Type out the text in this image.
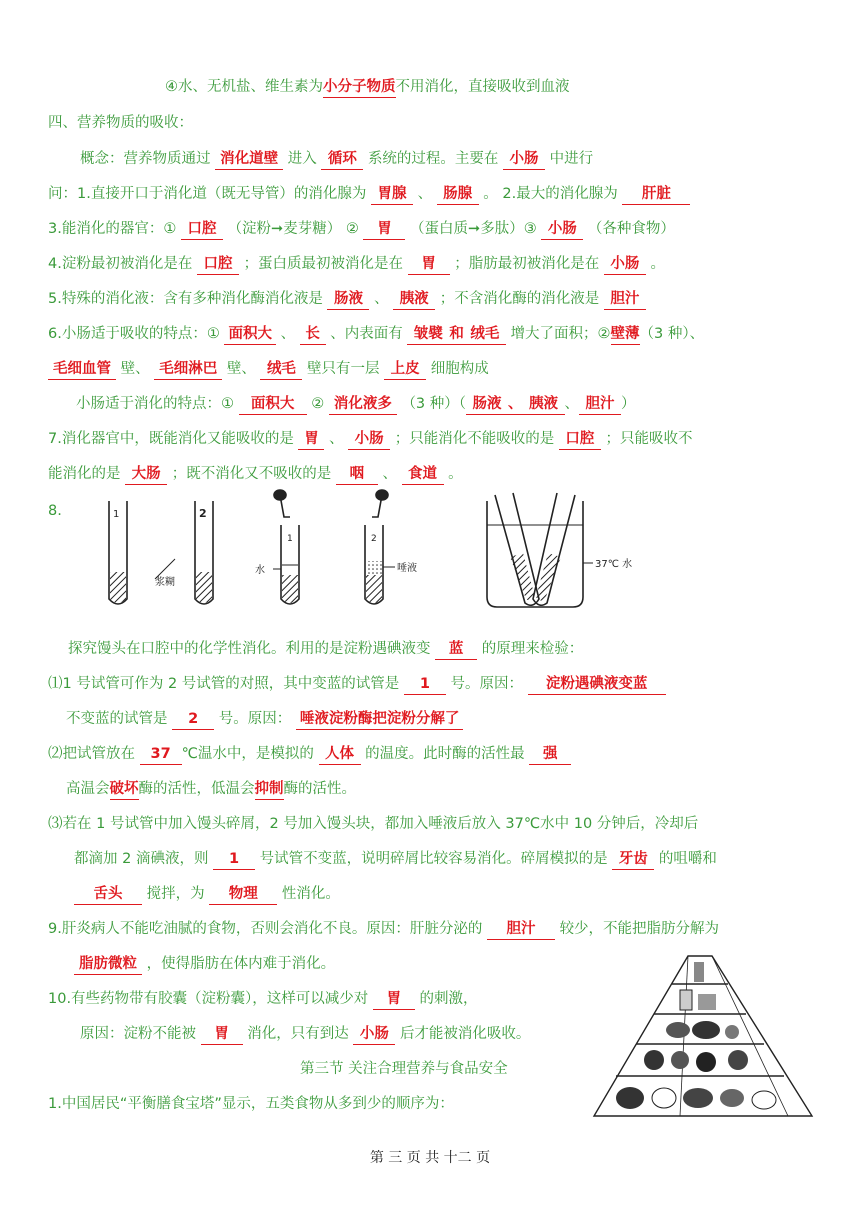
④水、无机盐、维生素为小分子物质不用消化，直接吸收到血液
四、营养物质的吸收：
概念：营养物质通过 消化道壁 进入 循环 系统的过程。主要在 小肠 中进行
问：1.直接开口于消化道（既无导管）的消化腺为 胃腺 、 肠腺 。 2.最大的消化腺为 肝脏
3.能消化的器官：① 口腔 （淀粉➞麦芽糖） ② 胃 （蛋白质➞多肽）③ 小肠 （各种食物）
4.淀粉最初被消化是在 口腔 ；蛋白质最初被消化是在 胃 ；脂肪最初被消化是在 小肠 。
5.特殊的消化液：含有多种消化酶消化液是 肠液 、 胰液 ；不含消化酶的消化液是 胆汁
6.小肠适于吸收的特点：① 面积大 、 长 、内表面有 皱襞 和 绒毛 增大了面积；②壁薄（3 种）、
毛细血管 壁、 毛细淋巴 壁、 绒毛 壁只有一层 上皮 细胞构成
小肠适于消化的特点：① 面积大 ② 消化液多 （3 种）（ 肠液 、 胰液 、 胆汁 ）
7.消化器官中，既能消化又能吸收的是 胃 、 小肠 ；只能消化不能吸收的是 口腔 ；只能吸收不
能消化的是 大肠 ；既不消化又不吸收的是 咽 、 食道 。
8.	1	2
浆糊
水
1	2
唾液	37℃ 水
探究馒头在口腔中的化学性消化。利用的是淀粉遇碘液变 蓝 的原理来检验：
⑴1 号试管可作为 2 号试管的对照，其中变蓝的试管是 1 号。原因： 淀粉遇碘液变蓝
不变蓝的试管是 2 号。原因： 唾液淀粉酶把淀粉分解了
⑵把试管放在 37 ℃温水中，是模拟的 人体 的温度。此时酶的活性最 强
高温会破坏酶的活性，低温会抑制酶的活性。
⑶若在 1 号试管中加入馒头碎屑，2 号加入馒头块，都加入唾液后放入 37℃水中 10 分钟后，冷却后
都滴加 2 滴碘液，则 1 号试管不变蓝，说明碎屑比较容易消化。碎屑模拟的是 牙齿 的咀嚼和
舌头 搅拌，为 物理 性消化。
9.肝炎病人不能吃油腻的食物，否则会消化不良。原因：肝脏分泌的 胆汁 较少，不能把脂肪分解为
脂肪微粒 ，使得脂肪在体内难于消化。
10.有些药物带有胶囊（淀粉囊），这样可以减少对 胃 的刺激，
原因：淀粉不能被 胃 消化，只有到达 小肠 后才能被消化吸收。
第三节 关注合理营养与食品安全
1.中国居民“平衡膳食宝塔”显示，五类食物从多到少的顺序为：
第 三 页 共 十二 页
